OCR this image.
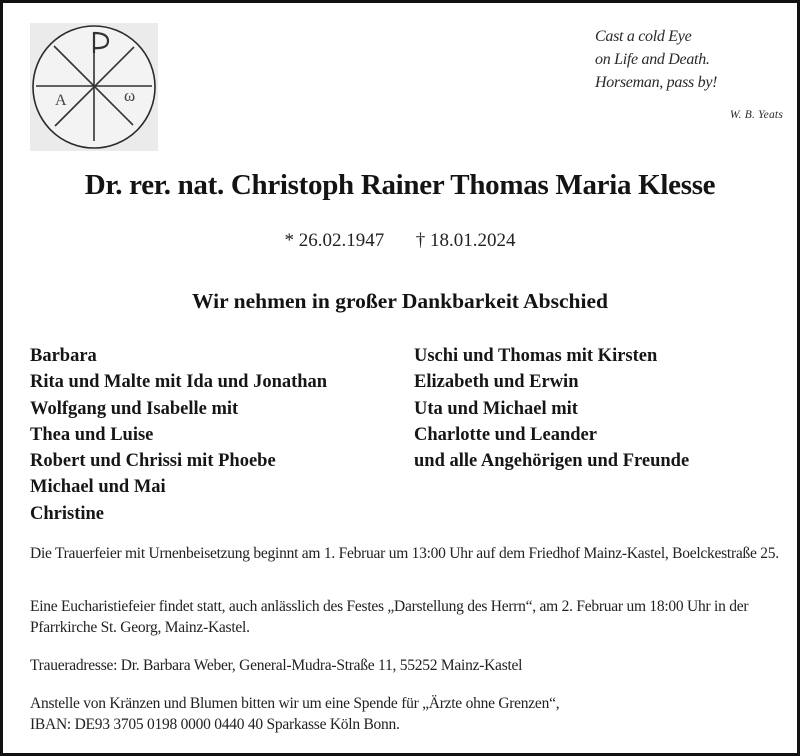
A	ω
Cast a cold Eye
on Life and Death.
Horseman, pass by!
W. B. Yeats
Dr. rer. nat. Christoph Rainer Thomas Maria Klesse
* 26.02.1947 † 18.01.2024
Wir nehmen in großer Dankbarkeit Abschied
Barbara
Rita und Malte mit Ida und Jonathan
Wolfgang und Isabelle mit
Thea und Luise
Robert und Chrissi mit Phoebe
Michael und Mai
Christine
Uschi und Thomas mit Kirsten
Elizabeth und Erwin
Uta und Michael mit
Charlotte und Leander
und alle Angehörigen und Freunde

Die Trauerfeier mit Urnenbeisetzung beginnt am 1. Februar um 13:00 Uhr auf dem Friedhof Mainz-Kastel, Boelckestraße 25.

Eine Eucharistiefeier findet statt, auch anlässlich des Festes „Darstellung des Herrn“, am 2. Februar um 18:00 Uhr in der Pfarrkirche St. Georg, Mainz-Kastel.

Traueradresse: Dr. Barbara Weber, General-Mudra-Straße 11, 55252 Mainz-Kastel

Anstelle von Kränzen und Blumen bitten wir um eine Spende für „Ärzte ohne Grenzen“,

IBAN: DE93 3705 0198 0000 0440 40 Sparkasse Köln Bonn.
